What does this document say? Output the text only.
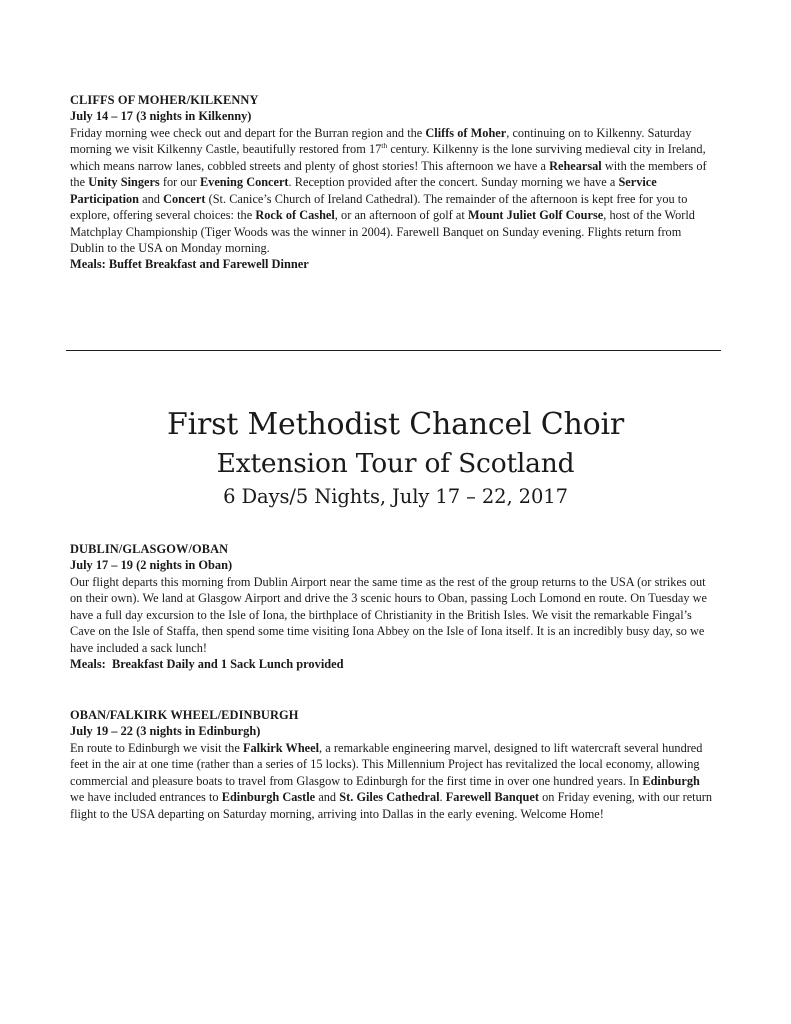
CLIFFS OF MOHER/KILKENNY

July 14 – 17 (3 nights in Kilkenny)

Friday morning wee check out and depart for the Burran region and the Cliffs of Moher, continuing on to Kilkenny. Saturday morning we visit Kilkenny Castle, beautifully restored from 17th century. Kilkenny is the lone surviving medieval city in Ireland, which means narrow lanes, cobbled streets and plenty of ghost stories! This afternoon we have a Rehearsal with the members of the Unity Singers for our Evening Concert. Reception provided after the concert. Sunday morning we have a Service Participation and Concert (St. Canice’s Church of Ireland Cathedral). The remainder of the afternoon is kept free for you to explore, offering several choices: the Rock of Cashel, or an afternoon of golf at Mount Juliet Golf Course, host of the World Matchplay Championship (Tiger Woods was the winner in 2004). Farewell Banquet on Sunday evening. Flights return from Dublin to the USA on Monday morning.

Meals: Buffet Breakfast and Farewell Dinner

First Methodist Chancel Choir

Extension Tour of Scotland

6 Days/5 Nights, July 17 – 22, 2017

DUBLIN/GLASGOW/OBAN

July 17 – 19 (2 nights in Oban)

Our flight departs this morning from Dublin Airport near the same time as the rest of the group returns to the USA (or strikes out on their own). We land at Glasgow Airport and drive the 3 scenic hours to Oban, passing Loch Lomond en route. On Tuesday we have a full day excursion to the Isle of Iona, the birthplace of Christianity in the British Isles. We visit the remarkable Fingal’s Cave on the Isle of Staffa, then spend some time visiting Iona Abbey on the Isle of Iona itself. It is an incredibly busy day, so we have included a sack lunch!

Meals:  Breakfast Daily and 1 Sack Lunch provided

OBAN/FALKIRK WHEEL/EDINBURGH

July 19 – 22 (3 nights in Edinburgh)

En route to Edinburgh we visit the Falkirk Wheel, a remarkable engineering marvel, designed to lift watercraft several hundred feet in the air at one time (rather than a series of 15 locks). This Millennium Project has revitalized the local economy, allowing commercial and pleasure boats to travel from Glasgow to Edinburgh for the first time in over one hundred years. In Edinburgh we have included entrances to Edinburgh Castle and St. Giles Cathedral. Farewell Banquet on Friday evening, with our return flight to the USA departing on Saturday morning, arriving into Dallas in the early evening. Welcome Home!
